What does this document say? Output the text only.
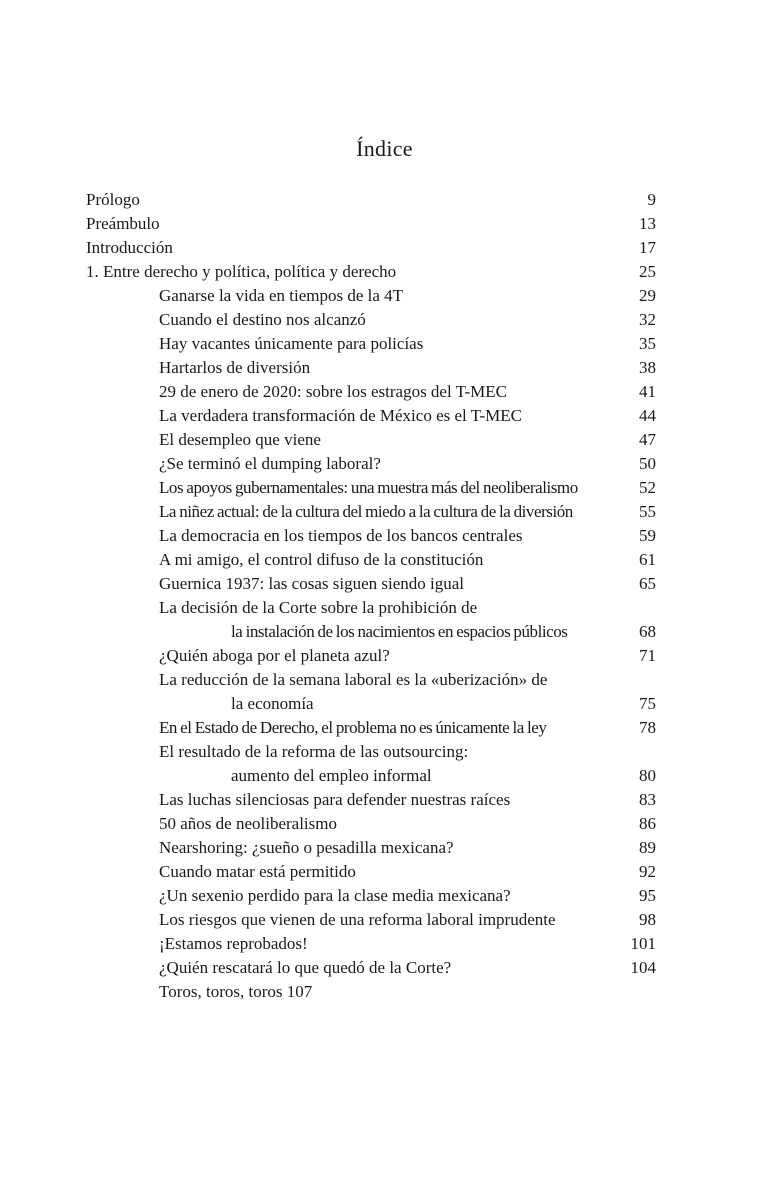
Índice
Prólogo	9
Preámbulo	13
Introducción	17
1. Entre derecho y política, política y derecho	25
Ganarse la vida en tiempos de la 4T	29
Cuando el destino nos alcanzó	32
Hay vacantes únicamente para policías	35
Hartarlos de diversión	38
29 de enero de 2020: sobre los estragos del T-MEC	41
La verdadera transformación de México es el T-MEC	44
El desempleo que viene	47
¿Se terminó el dumping laboral?	50
Los apoyos gubernamentales: una muestra más del neoliberalismo	52
La niñez actual: de la cultura del miedo a la cultura de la diversión	55
La democracia en los tiempos de los bancos centrales	59
A mi amigo, el control difuso de la constitución	61
Guernica 1937: las cosas siguen siendo igual	65
La decisión de la Corte sobre la prohibición de
la instalación de los nacimientos en espacios públicos	68
¿Quién aboga por el planeta azul?	71
La reducción de la semana laboral es la «uberización» de
la economía	75
En el Estado de Derecho, el problema no es únicamente la ley	78
El resultado de la reforma de las outsourcing:
aumento del empleo informal	80
Las luchas silenciosas para defender nuestras raíces	83
50 años de neoliberalismo	86
Nearshoring: ¿sueño o pesadilla mexicana?	89
Cuando matar está permitido	92
¿Un sexenio perdido para la clase media mexicana?	95
Los riesgos que vienen de una reforma laboral imprudente	98
¡Estamos reprobados!	101
¿Quién rescatará lo que quedó de la Corte?	104
Toros, toros, toros 107
